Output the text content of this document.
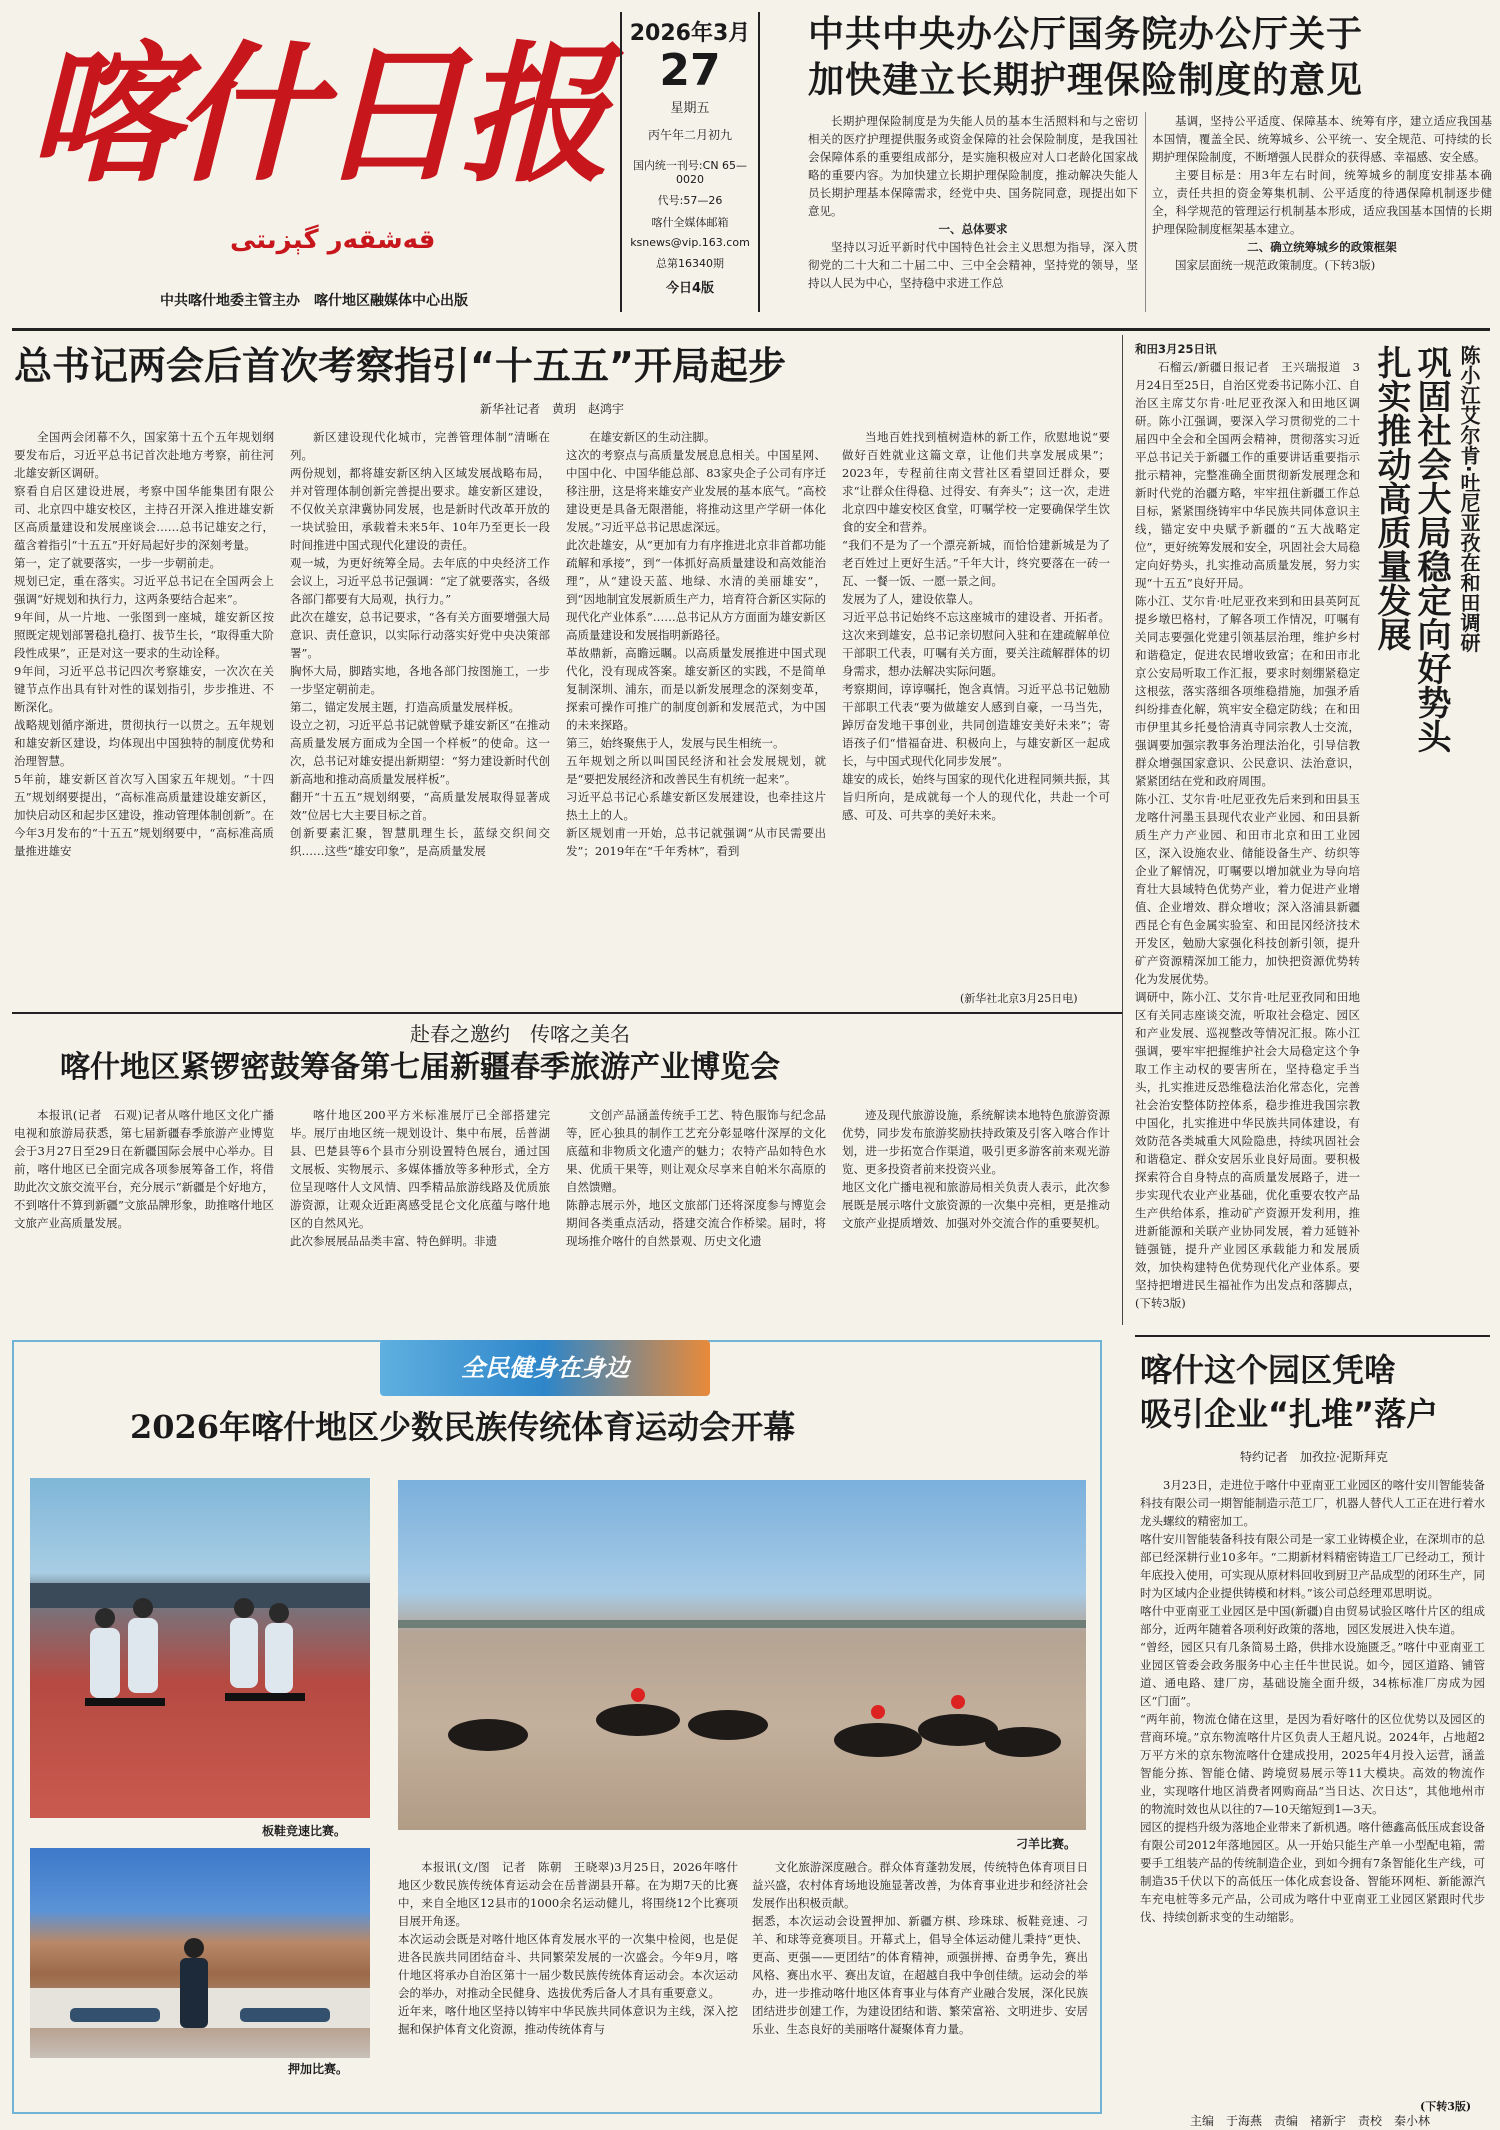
喀什日报
قەشقەر گېزىتى
中共喀什地委主管主办　喀什地区融媒体中心出版
2026年3月
27
星期五
丙午年二月初九
国内统一刊号:CN 65—0020
代号:57—26
喀什全媒体邮箱
ksnews@vip.163.com
总第16340期
今日4版
中共中央办公厅国务院办公厅关于
加快建立长期护理保险制度的意见

长期护理保险制度是为失能人员的基本生活照料和与之密切相关的医疗护理提供服务或资金保障的社会保险制度，是我国社会保障体系的重要组成部分，是实施积极应对人口老龄化国家战略的重要内容。为加快建立长期护理保险制度，推动解决失能人员长期护理基本保障需求，经党中央、国务院同意，现提出如下意见。

一、总体要求

坚持以习近平新时代中国特色社会主义思想为指导，深入贯彻党的二十大和二十届二中、三中全会精神，坚持党的领导，坚持以人民为中心，坚持稳中求进工作总

基调，坚持公平适度、保障基本、统筹有序，建立适应我国基本国情，覆盖全民、统筹城乡、公平统一、安全规范、可持续的长期护理保险制度，不断增强人民群众的获得感、幸福感、安全感。

主要目标是：用3年左右时间，统筹城乡的制度安排基本确立，责任共担的资金筹集机制、公平适度的待遇保障机制逐步健全，科学规范的管理运行机制基本形成，适应我国基本国情的长期护理保险制度框架基本建立。

二、确立统筹城乡的政策框架

国家层面统一规范政策制度。(下转3版)

总书记两会后首次考察指引“十五五”开局起步
新华社记者　黄玥　赵鸿宇

全国两会闭幕不久，国家第十五个五年规划纲要发布后，习近平总书记首次赴地方考察，前往河北雄安新区调研。
察看自启区建设进展，考察中国华能集团有限公司、北京四中雄安校区，主持召开深入推进雄安新区高质量建设和发展座谈会……总书记雄安之行，蕴含着指引“十五五”开好局起好步的深刻考量。
第一，定了就要落实，一步一步朝前走。
规划已定，重在落实。习近平总书记在全国两会上强调“好规划和执行力，这两条要结合起来”。
9年间，从一片地、一张图到一座城，雄安新区按照既定规划部署稳扎稳打、拔节生长，“取得重大阶段性成果”，正是对这一要求的生动诠释。
9年间，习近平总书记四次考察雄安，一次次在关键节点作出具有针对性的谋划指引，步步推进、不断深化。
战略规划循序渐进，贯彻执行一以贯之。五年规划和雄安新区建设，均体现出中国独特的制度优势和治理智慧。
5年前，雄安新区首次写入国家五年规划。“十四五”规划纲要提出，“高标准高质量建设雄安新区，加快启动区和起步区建设，推动管理体制创新”。在今年3月发布的“十五五”规划纲要中，“高标准高质量推进雄安

新区建设现代化城市，完善管理体制”清晰在列。
两份规划，都将雄安新区纳入区域发展战略布局，并对管理体制创新完善提出要求。雄安新区建设，不仅攸关京津冀协同发展，也是新时代改革开放的一块试验田，承载着未来5年、10年乃至更长一段时间推进中国式现代化建设的责任。
观一城，为更好统筹全局。去年底的中央经济工作会议上，习近平总书记强调：“定了就要落实，各级各部门都要有大局观，执行力。”
此次在雄安，总书记要求，“各有关方面要增强大局意识、责任意识，以实际行动落实好党中央决策部署”。
胸怀大局，脚踏实地，各地各部门按图施工，一步一步坚定朝前走。
第二，锚定发展主题，打造高质量发展样板。
设立之初，习近平总书记就曾赋予雄安新区“在推动高质量发展方面成为全国一个样板”的使命。这一次，总书记对雄安提出新期望：“努力建设新时代创新高地和推动高质量发展样板”。
翻开“十五五”规划纲要，“高质量发展取得显著成效”位居七大主要目标之首。
创新要素汇聚，智慧肌理生长，蓝绿交织间交织……这些“雄安印象”，是高质量发展

在雄安新区的生动注脚。
这次的考察点与高质量发展息息相关。中国星网、中国中化、中国华能总部、83家央企子公司有序迁移注册，这是将来雄安产业发展的基本底气。“高校建设更是具备无限潜能，将推动这里产学研一体化发展。”习近平总书记思虑深远。
此次赴雄安，从“更加有力有序推进北京非首都功能疏解和承接”，到“一体抓好高质量建设和高效能治理”，从“建设天蓝、地绿、水清的美丽雄安”，到“因地制宜发展新质生产力，培育符合新区实际的现代化产业体系”……总书记从方方面面为雄安新区高质量建设和发展指明新路径。
革故鼎新，高瞻远瞩。以高质量发展推进中国式现代化，没有现成答案。雄安新区的实践，不是简单复制深圳、浦东，而是以新发展理念的深刻变革，探索可操作可推广的制度创新和发展范式，为中国的未来探路。
第三，始终聚焦于人，发展与民生相统一。
五年规划之所以叫国民经济和社会发展规划，就是“要把发展经济和改善民生有机统一起来”。
习近平总书记心系雄安新区发展建设，也牵挂这片热土上的人。
新区规划甫一开始，总书记就强调“从市民需要出发”；2019年在“千年秀林”，看到

当地百姓找到植树造林的新工作，欣慰地说“要做好百姓就业这篇文章，让他们共享发展成果”；2023年，专程前往南文营社区看望回迁群众，要求“让群众住得稳、过得安、有奔头”；这一次，走进北京四中雄安校区食堂，叮嘱学校一定要确保学生饮食的安全和营养。
“我们不是为了一个漂亮新城，而恰恰建新城是为了老百姓过上更好生活。”千年大计，终究要落在一砖一瓦、一餐一饭、一愿一景之间。
发展为了人，建设依靠人。
习近平总书记始终不忘这座城市的建设者、开拓者。这次来到雄安，总书记亲切慰问入驻和在建疏解单位干部职工代表，叮嘱有关方面，要关注疏解群体的切身需求，想办法解决实际问题。
考察期间，谆谆嘱托，饱含真情。习近平总书记勉励干部职工代表“要为做雄安人感到自豪，一马当先，踔厉奋发地干事创业，共同创造雄安美好未来”；寄语孩子们“惜福奋进、积极向上，与雄安新区一起成长，与中国式现代化同步发展”。
雄安的成长，始终与国家的现代化进程同频共振，其旨归所向，是成就每一个人的现代化，共赴一个可感、可及、可共享的美好未来。

(新华社北京3月25日电)
和田3月25日讯

石榴云/新疆日报记者　王兴瑞报道　3月24日至25日，自治区党委书记陈小江、自治区主席艾尔肯·吐尼亚孜深入和田地区调研。陈小江强调，要深入学习贯彻党的二十届四中全会和全国两会精神，贯彻落实习近平总书记关于新疆工作的重要讲话重要指示批示精神，完整准确全面贯彻新发展理念和新时代党的治疆方略，牢牢扭住新疆工作总目标，紧紧围绕铸牢中华民族共同体意识主线，锚定安中央赋予新疆的“五大战略定位”，更好统筹发展和安全，巩固社会大局稳定向好势头，扎实推动高质量发展，努力实现“十五五”良好开局。
陈小江、艾尔肯·吐尼亚孜来到和田县英阿瓦提乡墩巴格村，了解各项工作情况，叮嘱有关同志要强化党建引领基层治理，维护乡村和谐稳定，促进农民增收致富；在和田市北京公安局听取工作汇报，要求时刻绷紧稳定这根弦，落实落细各项维稳措施，加强矛盾纠纷排查化解，筑牢安全稳定防线；在和田市伊里其乡托曼恰清真寺同宗教人士交流，强调要加强宗教事务治理法治化，引导信教群众增强国家意识、公民意识、法治意识，紧紧团结在党和政府周围。
陈小江、艾尔肯·吐尼亚孜先后来到和田县玉龙喀什河墨玉县现代农业产业园、和田县新质生产力产业园、和田市北京和田工业园区，深入设施农业、储能设备生产、纺织等企业了解情况，叮嘱要以增加就业为导向培育壮大县域特色优势产业，着力促进产业增值、企业增效、群众增收；深入洛浦县新疆西昆仑有色金属实验室、和田昆冈经济技术开发区，勉励大家强化科技创新引领，提升矿产资源精深加工能力，加快把资源优势转化为发展优势。
调研中，陈小江、艾尔肯·吐尼亚孜同和田地区有关同志座谈交流，听取社会稳定、园区和产业发展、巡视整改等情况汇报。陈小江强调，要牢牢把握维护社会大局稳定这个争取工作主动权的要害所在，坚持稳定手当头，扎实推进反恐维稳法治化常态化，完善社会治安整体防控体系，稳步推进我国宗教中国化，扎实推进中华民族共同体建设，有效防范各类城重大风险隐患，持续巩固社会和谐稳定、群众安居乐业良好局面。要积极探索符合自身特点的高质量发展路子，进一步实现代农业产业基础，优化重要农牧产品生产供给体系，推动矿产资源开发利用，推进新能源和关联产业协同发展，着力延链补链强链，提升产业园区承载能力和发展质效，加快构建特色优势现代化产业体系。要坚持把增进民生福祉作为出发点和落脚点，(下转3版)

陈小江艾尔肯·吐尼亚孜在和田调研
巩固社会大局稳定向好势头
扎实推动高质量发展
赴春之邀约　传喀之美名
喀什地区紧锣密鼓筹备第七届新疆春季旅游产业博览会

本报讯(记者　石观)记者从喀什地区文化广播电视和旅游局获悉，第七届新疆春季旅游产业博览会于3月27日至29日在新疆国际会展中心举办。目前，喀什地区已全面完成各项参展筹备工作，将借助此次文旅交流平台，充分展示“新疆是个好地方，不到喀什不算到新疆”文旅品牌形象，助推喀什地区文旅产业高质量发展。

喀什地区200平方米标准展厅已全部搭建完毕。展厅由地区统一规划设计、集中布展，岳普湖县、巴楚县等6个县市分别设置特色展台，通过国文展板、实物展示、多媒体播放等多种形式，全方位呈现喀什人文风情、四季精品旅游线路及优质旅游资源，让观众近距离感受昆仑文化底蕴与喀什地区的自然风光。
此次参展展品品类丰富、特色鲜明。非遗

文创产品涵盖传统手工艺、特色服饰与纪念品等，匠心独具的制作工艺充分彰显喀什深厚的文化底蕴和非物质文化遗产的魅力；农特产品如特色水果、优质干果等，则让观众尽享来自帕米尔高原的自然馈赠。
陈静志展示外，地区文旅部门还将深度参与博览会期间各类重点活动，搭建交流合作桥梁。届时，将现场推介喀什的自然景观、历史文化遗

迹及现代旅游设施，系统解读本地特色旅游资源优势，同步发布旅游奖励扶持政策及引客入喀合作计划，进一步拓宽合作渠道，吸引更多游客前来观光游览、更多投资者前来投资兴业。
地区文化广播电视和旅游局相关负责人表示，此次参展既是展示喀什文旅资源的一次集中亮相，更是推动文旅产业提质增效、加强对外交流合作的重要契机。

全民健身在身边
2026年喀什地区少数民族传统体育运动会开幕
板鞋竞速比赛。
押加比赛。
刁羊比赛。

本报讯(文/图　记者　陈朝　王晓翠)3月25日，2026年喀什地区少数民族传统体育运动会在岳普湖县开幕。在为期7天的比赛中，来自全地区12县市的1000余名运动健儿，将围绕12个比赛项目展开角逐。
本次运动会既是对喀什地区体育发展水平的一次集中检阅，也是促进各民族共同团结奋斗、共同繁荣发展的一次盛会。今年9月，喀什地区将承办自治区第十一届少数民族传统体育运动会。本次运动会的举办，对推动全民健身、选拔优秀后备人才具有重要意义。
近年来，喀什地区坚持以铸牢中华民族共同体意识为主线，深入挖掘和保护体育文化资源，推动传统体育与

文化旅游深度融合。群众体育蓬勃发展，传统特色体育项目日益兴盛，农村体育场地设施显著改善，为体育事业进步和经济社会发展作出积极贡献。
据悉，本次运动会设置押加、新疆方棋、珍珠球、板鞋竞速、刁羊、和球等竞赛项目。开幕式上，倡导全体运动健儿秉持“更快、更高、更强——更团结”的体育精神，顽强拼搏、奋勇争先，赛出风格、赛出水平、赛出友谊，在超越自我中争创佳绩。运动会的举办，进一步推动喀什地区体育事业与体育产业融合发展，深化民族团结进步创建工作，为建设团结和谐、繁荣富裕、文明进步、安居乐业、生态良好的美丽喀什凝聚体育力量。

喀什这个园区凭啥
吸引企业“扎堆”落户
特约记者　加孜拉·泥斯拜克

3月23日，走进位于喀什中亚南亚工业园区的喀什安川智能装备科技有限公司一期智能制造示范工厂，机器人替代人工正在进行着水龙头螺纹的精密加工。
喀什安川智能装备科技有限公司是一家工业铸模企业，在深圳市的总部已经深耕行业10多年。“二期新材料精密铸造工厂已经动工，预计年底投入使用，可实现从原材料回收到厨卫产品成型的闭环生产，同时为区域内企业提供铸模和材料。”该公司总经理邓思明说。
喀什中亚南亚工业园区是中国(新疆)自由贸易试验区喀什片区的组成部分，近两年随着各项利好政策的落地，园区发展进入快车道。
“曾经，园区只有几条简易土路，供排水设施匮乏。”喀什中亚南亚工业园区管委会政务服务中心主任牛世民说。如今，园区道路、铺管道、通电路、建厂房，基础设施全面升级，34栋标准厂房成为园区“门面”。
“两年前，物流仓储在这里，是因为看好喀什的区位优势以及园区的营商环境。”京东物流喀什片区负责人王超凡说。2024年，占地超2万平方米的京东物流喀什仓建成投用，2025年4月投入运营，涵盖智能分拣、智能仓储、跨境贸易展示等11大模块。高效的物流作业，实现喀什地区消费者网购商品“当日达、次日达”，其他地州市的物流时效也从以往的7—10天缩短到1—3天。
园区的提档升级为落地企业带来了新机遇。喀什德鑫高低压成套设备有限公司2012年落地园区。从一开始只能生产单一小型配电箱，需要手工组装产品的传统制造企业，到如今拥有7条智能化生产线，可制造35千伏以下的高低压一体化成套设备、智能环网柜、新能源汽车充电桩等多元产品，公司成为喀什中亚南亚工业园区紧跟时代步伐、持续创新求变的生动缩影。

(下转3版)
主编　于海燕　责编　褚新宇　责校　秦小林
